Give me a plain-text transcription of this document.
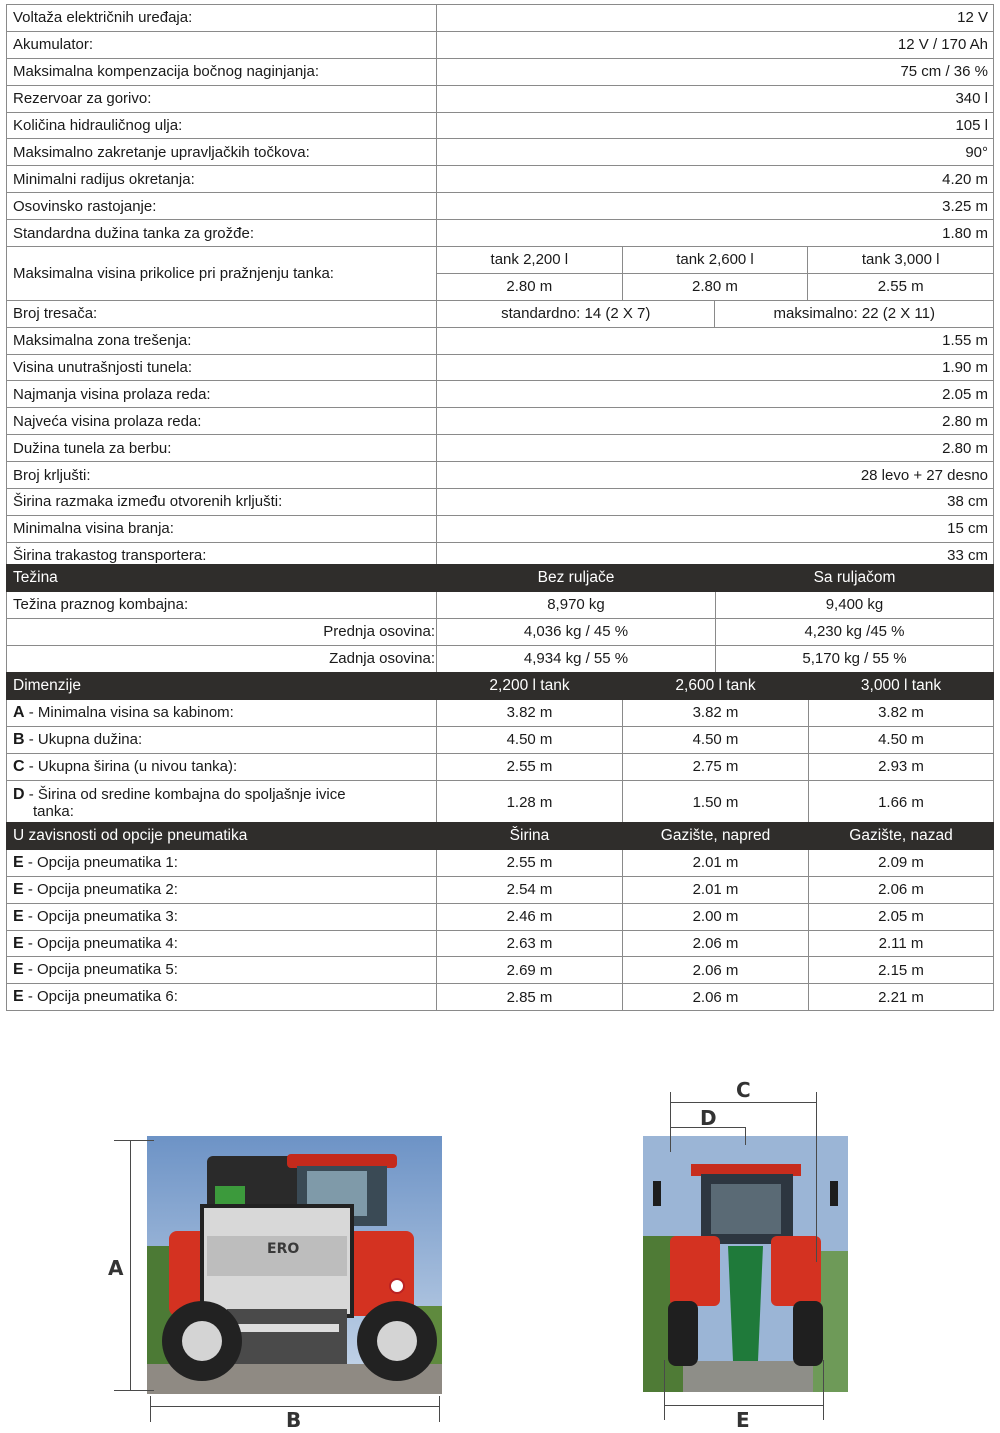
Voltaža električnih uređaja:	12 V			
Akumulator:	12 V / 170 Ah			
Maksimalna kompenzacija bočnog naginjanja:	75 cm / 36 %			
Rezervoar za gorivo:	340 l			
Količina hidrauličnog ulja:	105 l			
Maksimalno zakretanje upravljačkih točkova:	90°			
Minimalni radijus okretanja:	4.20 m			
Osovinsko rastojanje:	3.25 m			
Standardna dužina tanka za grožđe:	1.80 m			
Maksimalna visina prikolice pri pražnjenju tanka:	tank 2,200 l	tank 2,600 l		tank 3,000 l
	2.80 m	2.80 m		2.55 m
Broj tresača:	standardno: 14 (2 X 7)		maksimalno: 22 (2 X 11)	
Maksimalna zona trešenja:	1.55 m			
Visina unutrašnjosti tunela:	1.90 m			
Najmanja visina prolaza reda:	2.05 m			
Najveća visina prolaza reda:	2.80 m			
Dužina tunela za berbu:	2.80 m			
Broj krljušti:	28 levo + 27 desno			
Širina razmaka između otvorenih krljušti:	38 cm			
Minimalna visina branja:	15 cm			
Širina trakastog transportera:	33 cm			
Težina	Bez ruljače	Sa ruljačom
Težina praznog kombajna:	8,970 kg	9,400 kg
Prednja osovina:	4,036 kg / 45 %	4,230 kg /45 %
Zadnja osovina:	4,934 kg / 55 %	5,170 kg / 55 %
Dimenzije	2,200 l tank	2,600 l tank	3,000 l tank
A - Minimalna visina sa kabinom:	3.82 m	3.82 m	3.82 m
B - Ukupna dužina:	4.50 m	4.50 m	4.50 m
C - Ukupna širina (u nivou tanka):	2.55 m	2.75 m	2.93 m
D - Širina od sredine kombajna do spoljašnje ivice
tanka:	1.28 m	1.50 m	1.66 m
U zavisnosti od opcije pneumatika	Širina	Gazište, napred	Gazište, nazad
E - Opcija pneumatika 1:	2.55 m	2.01 m	2.09 m
E - Opcija pneumatika 2:	2.54 m	2.01 m	2.06 m
E - Opcija pneumatika 3:	2.46 m	2.00 m	2.05 m
E - Opcija pneumatika 4:	2.63 m	2.06 m	2.11 m
E - Opcija pneumatika 5:	2.69 m	2.06 m	2.15 m
E - Opcija pneumatika 6:	2.85 m	2.06 m	2.21 m
ERO
A
B
C
D
E
